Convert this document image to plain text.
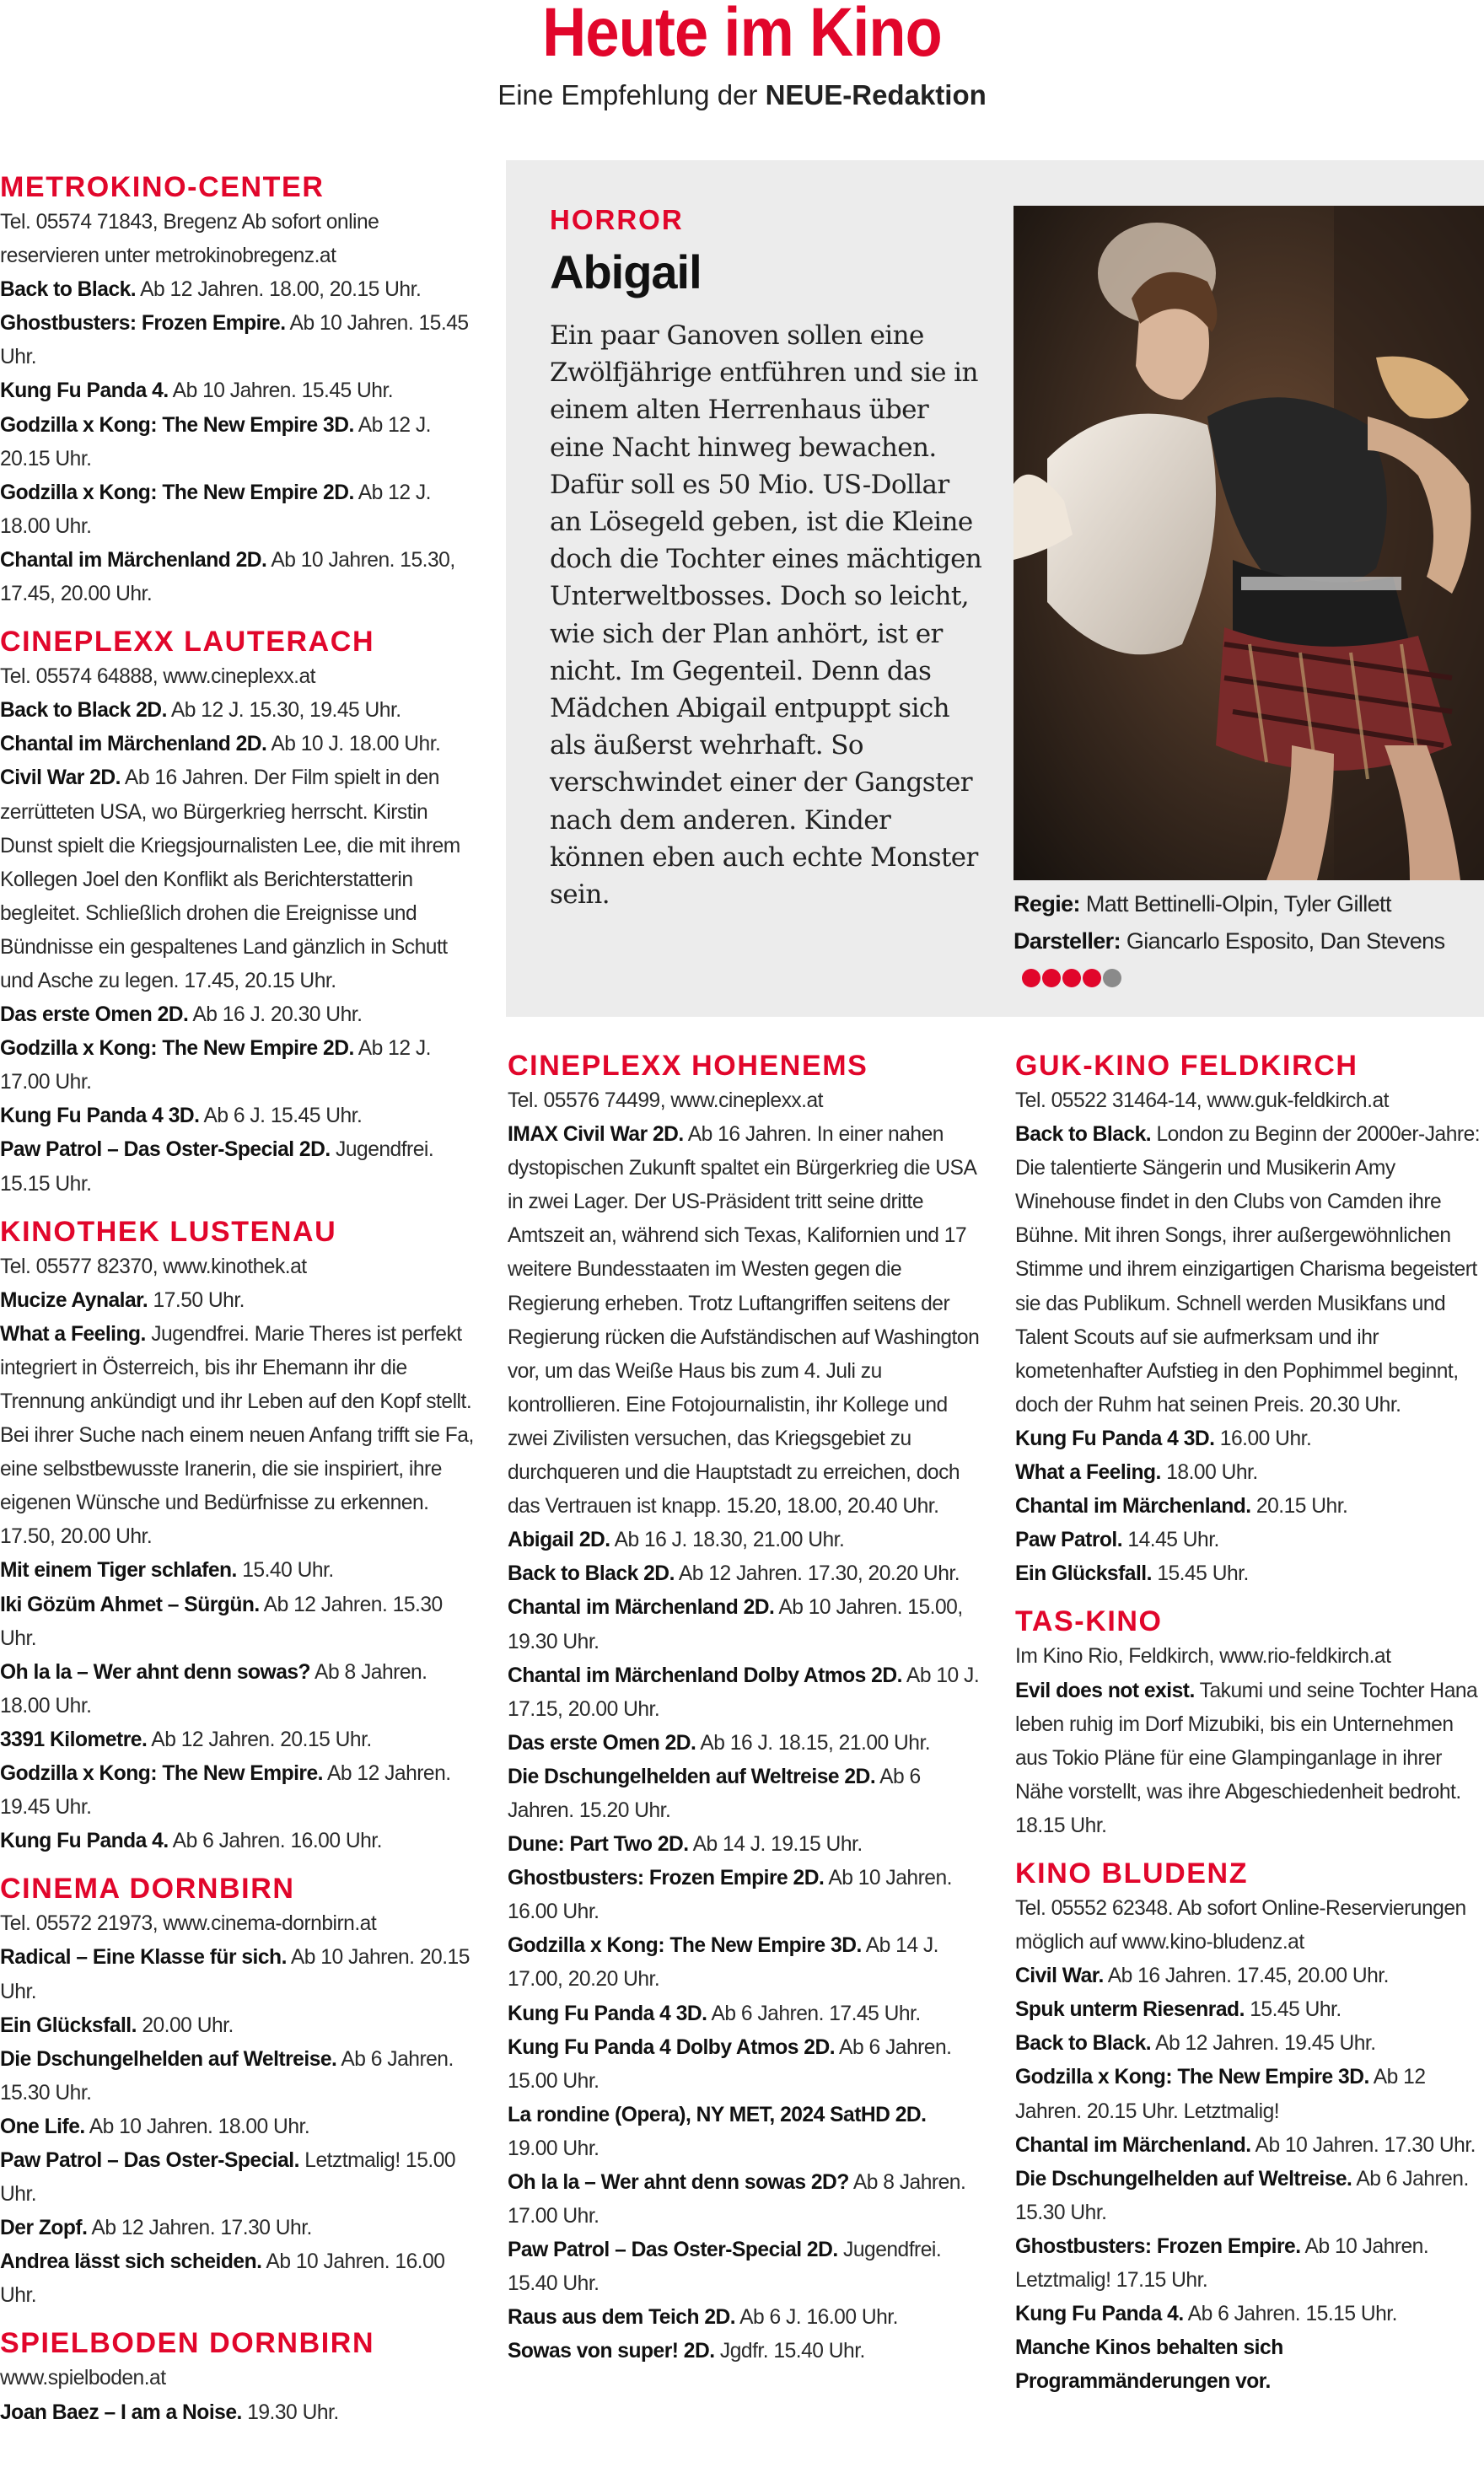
Heute im Kino
Eine Empfehlung der NEUE-Redaktion
METROKINO-CENTER

Tel. 05574 71843, Bregenz Ab sofort online reservieren unter metrokinobregenz.at

Back to Black. Ab 12 Jahren. 18.00, 20.15 Uhr.

Ghostbusters: Frozen Empire. Ab 10 Jahren. 15.45 Uhr.

Kung Fu Panda 4. Ab 10 Jahren. 15.45 Uhr.

Godzilla x Kong: The New Empire 3D. Ab 12 J. 20.15 Uhr.

Godzilla x Kong: The New Empire 2D. Ab 12 J. 18.00 Uhr.

Chantal im Märchenland 2D. Ab 10 Jahren. 15.30, 17.45, 20.00 Uhr.

CINEPLEXX LAUTERACH

Tel. 05574 64888, www.cineplexx.at

Back to Black 2D. Ab 12 J. 15.30, 19.45 Uhr.

Chantal im Märchenland 2D. Ab 10 J. 18.00 Uhr.

Civil War 2D. Ab 16 Jahren. Der Film spielt in den zerrütteten USA, wo Bürgerkrieg herrscht. Kirstin Dunst spielt die Kriegsjournalisten Lee, die mit ihrem Kollegen Joel den Konflikt als Berichterstatterin begleitet. Schließlich drohen die Ereignisse und Bündnisse ein gespaltenes Land gänzlich in Schutt und Asche zu legen. 17.45, 20.15 Uhr.

Das erste Omen 2D. Ab 16 J. 20.30 Uhr.

Godzilla x Kong: The New Empire 2D. Ab 12 J. 17.00 Uhr.

Kung Fu Panda 4 3D. Ab 6 J. 15.45 Uhr.

Paw Patrol – Das Oster-Special 2D. Jugendfrei. 15.15 Uhr.

KINOTHEK LUSTENAU

Tel. 05577 82370, www.kinothek.at

Mucize Aynalar. 17.50 Uhr.

What a Feeling. Jugendfrei. Marie Theres ist perfekt integriert in Österreich, bis ihr Ehemann ihr die Trennung ankündigt und ihr Leben auf den Kopf stellt. Bei ihrer Suche nach einem neuen Anfang trifft sie Fa, eine selbstbewusste Iranerin, die sie inspiriert, ihre eigenen Wünsche und Bedürfnisse zu erkennen. 17.50, 20.00 Uhr.

Mit einem Tiger schlafen. 15.40 Uhr.

Iki Gözüm Ahmet – Sürgün. Ab 12 Jahren. 15.30 Uhr.

Oh la la – Wer ahnt denn sowas? Ab 8 Jahren. 18.00 Uhr.

3391 Kilometre. Ab 12 Jahren. 20.15 Uhr.

Godzilla x Kong: The New Empire. Ab 12 Jahren. 19.45 Uhr.

Kung Fu Panda 4. Ab 6 Jahren. 16.00 Uhr.

CINEMA DORNBIRN

Tel. 05572 21973, www.cinema-dornbirn.at

Radical – Eine Klasse für sich. Ab 10 Jahren. 20.15 Uhr.

Ein Glücksfall. 20.00 Uhr.

Die Dschungelhelden auf Weltreise. Ab 6 Jahren. 15.30 Uhr.

One Life. Ab 10 Jahren. 18.00 Uhr.

Paw Patrol – Das Oster-Special. Letztmalig! 15.00 Uhr.

Der Zopf. Ab 12 Jahren. 17.30 Uhr.

Andrea lässt sich scheiden. Ab 10 Jahren. 16.00 Uhr.

SPIELBODEN DORNBIRN

www.spielboden.at

Joan Baez – I am a Noise. 19.30 Uhr.

HORROR
Abigail
Ein paar Ganoven sollen eine Zwölfjährige entführen und sie in einem alten Herrenhaus über eine Nacht hinweg bewachen. Dafür soll es 50 Mio. US-Dollar an Lösegeld geben, ist die Kleine doch die Tochter eines mächtigen Unterweltbosses. Doch so leicht, wie sich der Plan anhört, ist er nicht. Im Gegenteil. Denn das Mädchen Abigail entpuppt sich als äußerst wehrhaft. So verschwindet einer der Gangster nach dem anderen. Kinder können eben auch echte Monster sein.	Regie: Matt Bettinelli-Olpin, Tyler Gillett
Darsteller: Giancarlo Esposito, Dan Stevens
CINEPLEXX HOHENEMS

Tel. 05576 74499, www.cineplexx.at

IMAX Civil War 2D. Ab 16 Jahren. In einer nahen dystopischen Zukunft spaltet ein Bürgerkrieg die USA in zwei Lager. Der US-Präsident tritt seine dritte Amtszeit an, während sich Texas, Kalifornien und 17 weitere Bundesstaaten im Westen gegen die Regierung erheben. Trotz Luftangriffen seitens der Regierung rücken die Aufständischen auf Washington vor, um das Weiße Haus bis zum 4. Juli zu kontrollieren. Eine Fotojournalistin, ihr Kollege und zwei Zivilisten versuchen, das Kriegsgebiet zu durchqueren und die Hauptstadt zu erreichen, doch das Vertrauen ist knapp. 15.20, 18.00, 20.40 Uhr.

Abigail 2D. Ab 16 J. 18.30, 21.00 Uhr.

Back to Black 2D. Ab 12 Jahren. 17.30, 20.20 Uhr.

Chantal im Märchenland 2D. Ab 10 Jahren. 15.00, 19.30 Uhr.

Chantal im Märchenland Dolby Atmos 2D. Ab 10 J. 17.15, 20.00 Uhr.

Das erste Omen 2D. Ab 16 J. 18.15, 21.00 Uhr.

Die Dschungelhelden auf Weltreise 2D. Ab 6 Jahren. 15.20 Uhr.

Dune: Part Two 2D. Ab 14 J. 19.15 Uhr.

Ghostbusters: Frozen Empire 2D. Ab 10 Jahren. 16.00 Uhr.

Godzilla x Kong: The New Empire 3D. Ab 14 J. 17.00, 20.20 Uhr.

Kung Fu Panda 4 3D. Ab 6 Jahren. 17.45 Uhr.

Kung Fu Panda 4 Dolby Atmos 2D. Ab 6 Jahren. 15.00 Uhr.

La rondine (Opera), NY MET, 2024 SatHD 2D. 19.00 Uhr.

Oh la la – Wer ahnt denn sowas 2D? Ab 8 Jahren. 17.00 Uhr.

Paw Patrol – Das Oster-Special 2D. Jugendfrei. 15.40 Uhr.

Raus aus dem Teich 2D. Ab 6 J. 16.00 Uhr.

Sowas von super! 2D. Jgdfr. 15.40 Uhr.

GUK-KINO FELDKIRCH

Tel. 05522 31464-14, www.guk-feldkirch.at

Back to Black. London zu Beginn der 2000er-Jahre: Die talentierte Sängerin und Musikerin Amy Winehouse findet in den Clubs von Camden ihre Bühne. Mit ihren Songs, ihrer außergewöhnlichen Stimme und ihrem einzigartigen Charisma begeistert sie das Publikum. Schnell werden Musikfans und Talent Scouts auf sie aufmerksam und ihr kometenhafter Aufstieg in den Pophimmel beginnt, doch der Ruhm hat seinen Preis. 20.30 Uhr.

Kung Fu Panda 4 3D. 16.00 Uhr.

What a Feeling. 18.00 Uhr.

Chantal im Märchenland. 20.15 Uhr.

Paw Patrol. 14.45 Uhr.

Ein Glücksfall. 15.45 Uhr.

TAS-KINO

Im Kino Rio, Feldkirch, www.rio-feldkirch.at

Evil does not exist. Takumi und seine Tochter Hana leben ruhig im Dorf Mizubiki, bis ein Unternehmen aus Tokio Pläne für eine Glampinganlage in ihrer Nähe vorstellt, was ihre Abgeschiedenheit bedroht. 18.15 Uhr.

KINO BLUDENZ

Tel. 05552 62348. Ab sofort Online-Reservierungen möglich auf www.kino-bludenz.at

Civil War. Ab 16 Jahren. 17.45, 20.00 Uhr.

Spuk unterm Riesenrad. 15.45 Uhr.

Back to Black. Ab 12 Jahren. 19.45 Uhr.

Godzilla x Kong: The New Empire 3D. Ab 12 Jahren. 20.15 Uhr. Letztmalig!

Chantal im Märchenland. Ab 10 Jahren. 17.30 Uhr.

Die Dschungelhelden auf Weltreise. Ab 6 Jahren. 15.30 Uhr.

Ghostbusters: Frozen Empire. Ab 10 Jahren. Letztmalig! 17.15 Uhr.

Kung Fu Panda 4. Ab 6 Jahren. 15.15 Uhr.

Manche Kinos behalten sich Programmänderungen vor.
